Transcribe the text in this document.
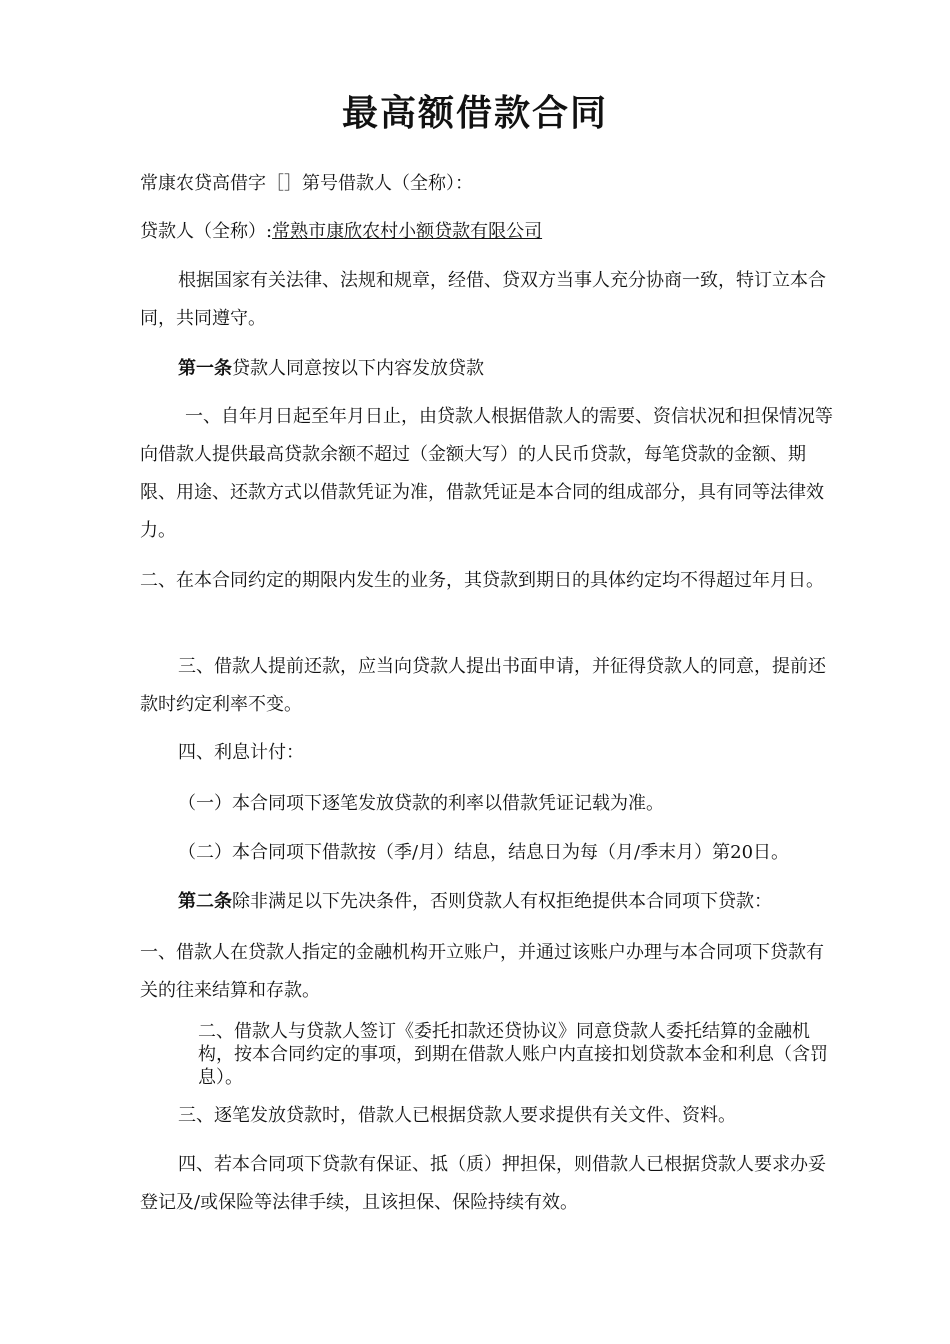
最高额借款合同
常康农贷高借字［］第号借款人（全称）：
贷款人（全称）:常熟市康欣农村小额贷款有限公司
根据国家有关法律、法规和规章，经借、贷双方当事人充分协商一致，特订立本合同，共同遵守。
第一条贷款人同意按以下内容发放贷款
一、自年月日起至年月日止，由贷款人根据借款人的需要、资信状况和担保情况等向借款人提供最高贷款余额不超过（金额大写）的人民币贷款，每笔贷款的金额、期限、用途、还款方式以借款凭证为准，借款凭证是本合同的组成部分，具有同等法律效力。
二、在本合同约定的期限内发生的业务，其贷款到期日的具体约定均不得超过年月日。
三、借款人提前还款，应当向贷款人提出书面申请，并征得贷款人的同意，提前还款时约定利率不变。
四、利息计付：
（一）本合同项下逐笔发放贷款的利率以借款凭证记载为准。
（二）本合同项下借款按（季/月）结息，结息日为每（月/季末月）第20日。
第二条除非满足以下先决条件，否则贷款人有权拒绝提供本合同项下贷款：
一、借款人在贷款人指定的金融机构开立账户，并通过该账户办理与本合同项下贷款有关的往来结算和存款。
二、借款人与贷款人签订《委托扣款还贷协议》同意贷款人委托结算的金融机构，按本合同约定的事项，到期在借款人账户内直接扣划贷款本金和利息（含罚息）。
三、逐笔发放贷款时，借款人已根据贷款人要求提供有关文件、资料。
四、若本合同项下贷款有保证、抵（质）押担保，则借款人已根据贷款人要求办妥登记及/或保险等法律手续，且该担保、保险持续有效。
